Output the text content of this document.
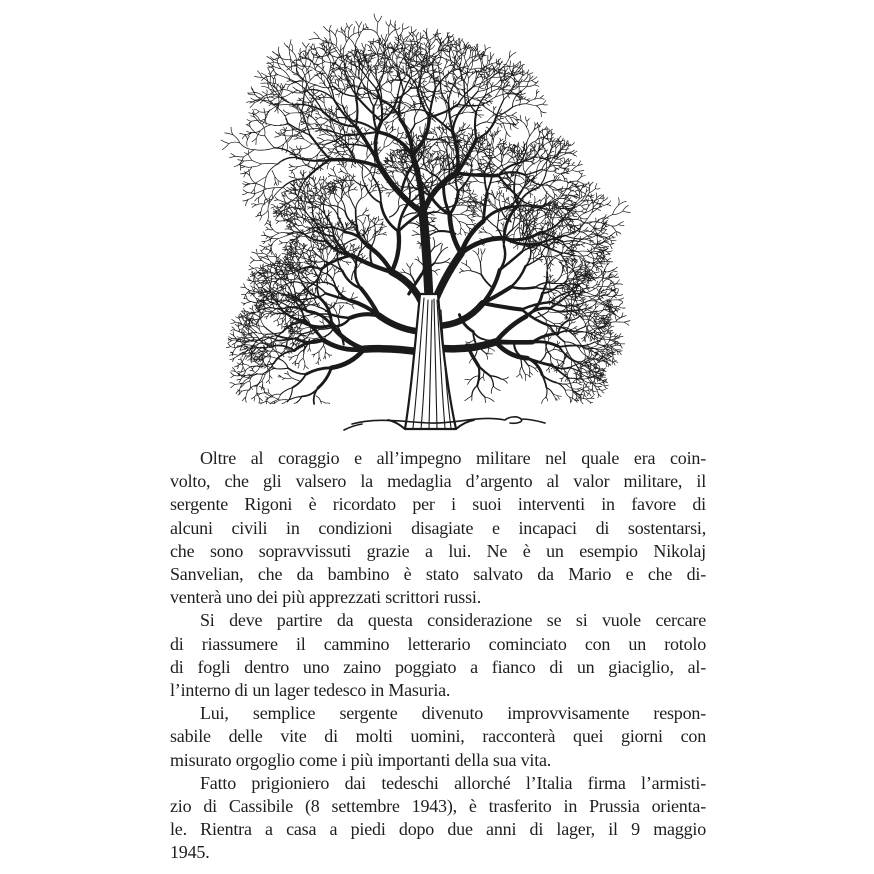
Oltre al coraggio e all’impegno militare nel quale era coin-
volto, che gli valsero la medaglia d’argento al valor militare, il
sergente Rigoni è ricordato per i suoi interventi in favore di
alcuni civili in condizioni disagiate e incapaci di sostentarsi,
che sono sopravvissuti grazie a lui. Ne è un esempio Nikolaj
Sanvelian, che da bambino è stato salvato da Mario e che di-
venterà uno dei più apprezzati scrittori russi.
Si deve partire da questa considerazione se si vuole cercare
di riassumere il cammino letterario cominciato con un rotolo
di fogli dentro uno zaino poggiato a fianco di un giaciglio, al-
l’interno di un lager tedesco in Masuria.
Lui, semplice sergente divenuto improvvisamente respon-
sabile delle vite di molti uomini, racconterà quei giorni con
misurato orgoglio come i più importanti della sua vita.
Fatto prigioniero dai tedeschi allorché l’Italia firma l’armisti-
zio di Cassibile (8 settembre 1943), è trasferito in Prussia orienta-
le. Rientra a casa a piedi dopo due anni di lager, il 9 maggio
1945.
